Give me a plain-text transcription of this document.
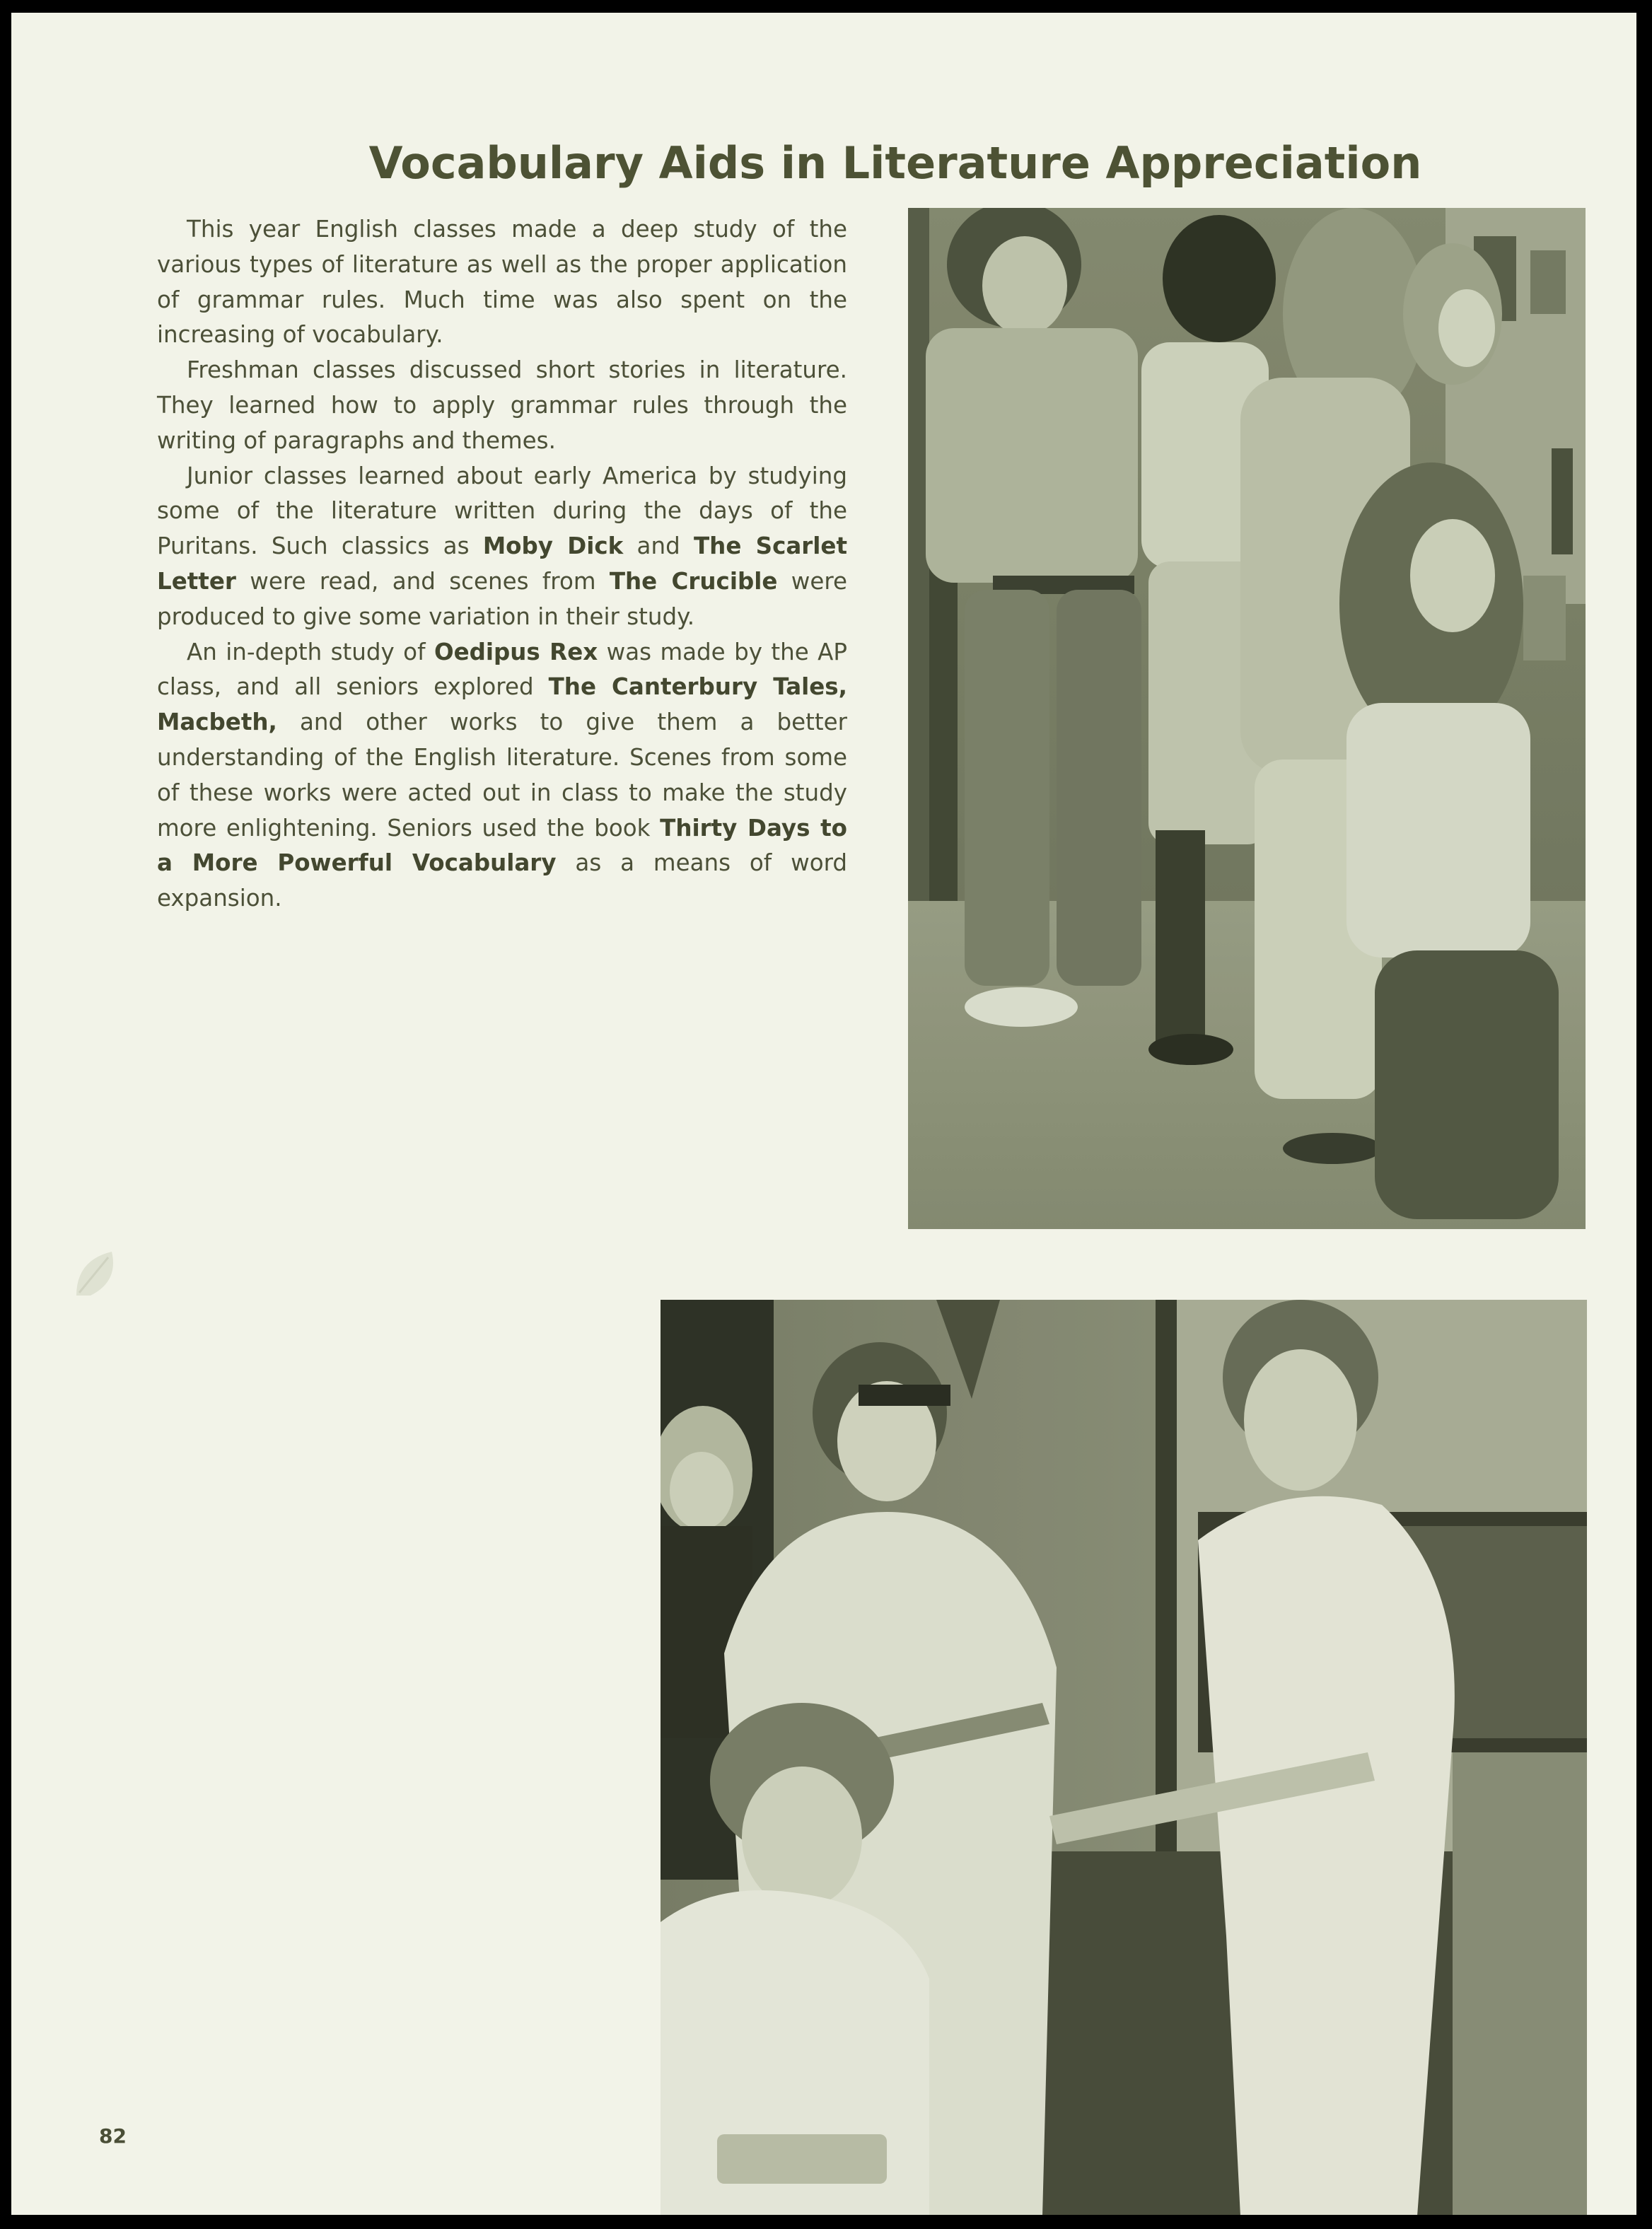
Vocabulary Aids in Literature Appreciation

This year English classes made a deep study of the various types of literature as well as the proper application of grammar rules. Much time was also spent on the increasing of vocabulary.

Freshman classes discussed short stories in literature. They learned how to apply grammar rules through the writing of paragraphs and themes.

Junior classes learned about early America by studying some of the literature written during the days of the Puritans. Such classics as Moby Dick and The Scarlet Letter were read, and scenes from The Crucible were produced to give some variation in their study.

An in-depth study of Oedipus Rex was made by the AP class, and all seniors explored The Canterbury Tales, Macbeth, and other works to give them a better understanding of the English literature. Scenes from some of these works were acted out in class to make the study more enlightening. Seniors used the book Thirty Days to a More Powerful Vocabulary as a means of word expansion.

82
